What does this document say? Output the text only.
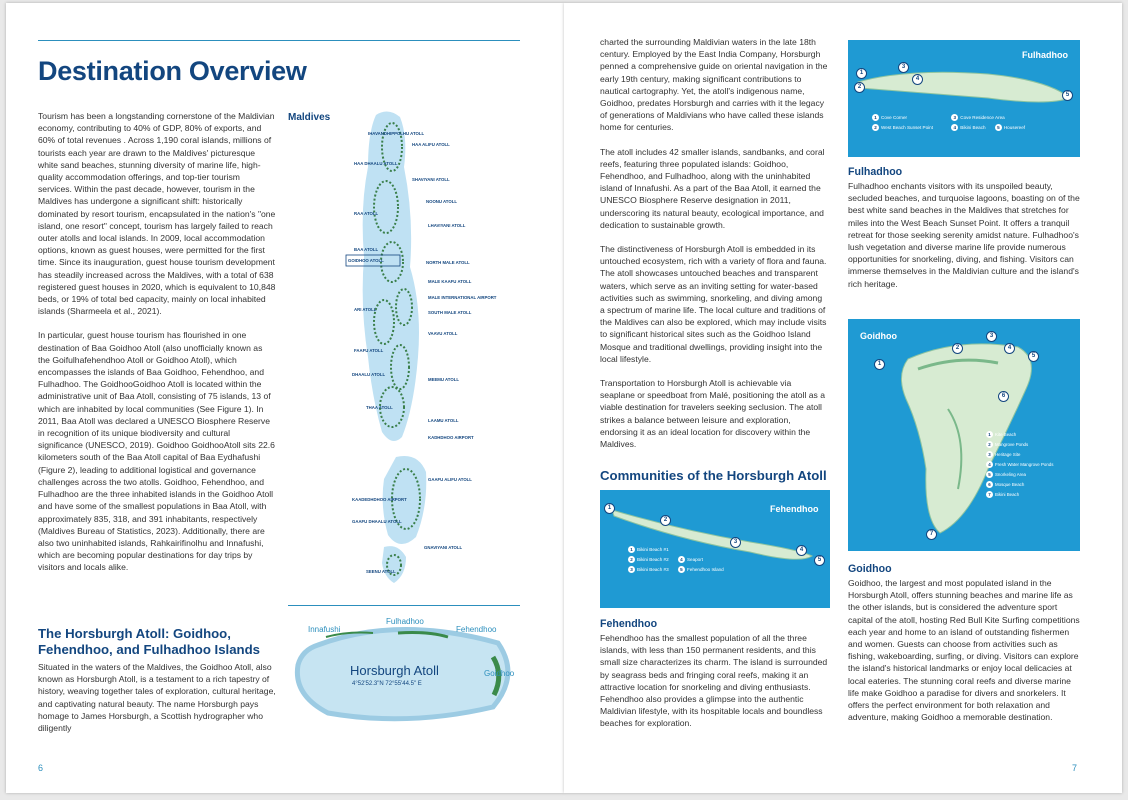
Destination Overview

Tourism has been a longstanding cornerstone of the Maldivian economy, contributing to 40% of GDP, 80% of exports, and 60% of total revenues . Across 1,190 coral islands, millions of tourists each year are drawn to the Maldives' picturesque white sand beaches, stunning diversity of marine life, high-quality accommodation offerings, and top-tier tourism services. Within the past decade, however, tourism in the Maldives has undergone a significant shift: historically dominated by resort tourism, encapsulated in the nation's "one island, one resort" concept, tourism has largely failed to reach outer atolls and local islands. In 2009, local accommodation options, known as guest houses, were permitted for the first time. Since its inauguration, guest house tourism development has steadily increased across the Maldives, with a total of 638 registered guest houses in 2020, which is equivalent to 10,848 beds, or 19% of total bed capacity, mainly on local inhabited islands (Sharmeela et al., 2021).

In particular, guest house tourism has flourished in one destination of Baa Goidhoo Atoll (also unofficially known as the Goifulhafehendhoo Atoll or Goidhoo Atoll), which encompasses the islands of Baa Goidhoo, Fehendhoo, and Fulhadhoo. The GoidhooGoidhoo Atoll is located within the administrative unit of Baa Atoll, consisting of 75 islands, 13 of which are inhabited by local communities (See Figure 1). In 2011, Baa Atoll was declared a UNESCO Biosphere Reserve in recognition of its unique biodiversity and cultural significance (UNESCO, 2019). Goidhoo GoidhooAtoll sits 22.6 kilometers south of the Baa Atoll capital of Baa Eydhafushi (Figure 2), leading to additional logistical and governance challenges across the two atolls. Goidhoo, Fehendhoo, and Fulhadhoo are the three inhabited islands in the Goidhoo Atoll and have some of the smallest populations in Baa Atoll, with approximately 835, 318, and 391 inhabitants, respectively (Maldives Bureau of Statistics, 2023). Additionally, there are also two uninhabited islands, Rahkairifinolhu and Innafushi, which are becoming popular destinations for day trips by visitors and locals alike.

The Horsburgh Atoll: Goidhoo, Fehendhoo, and Fulhadhoo Islands
Situated in the waters of the Maldives, the Goidhoo Atoll, also known as Horsburgh Atoll, is a testament to a rich tapestry of history, weaving together tales of exploration, cultural heritage, and captivating natural beauty. The name Horsburgh pays homage to James Horsburgh, a Scottish hydrographer who diligently
Maldives
IHAVANDHIPPOLHU ATOLL
HAA ALIFU ATOLL
HAA DHAALU ATOLL
SHAVIYANI ATOLL
NOONU ATOLL
RAA ATOLL
LHAVIYANI ATOLL
BAA ATOLL
GOIDHOO ATOLL	NORTH MALE ATOLL
MALE KAAFU ATOLL
MALE INTERNATIONAL AIRPORT
SOUTH MALE ATOLL
ARI ATOLL
VAAVU ATOLL
FAAFU ATOLL
DHAALU ATOLL
MEEMU ATOLL
THAA ATOLL
LAAMU ATOLL
KADHDHOO AIRPORT
GAAFU ALIFU ATOLL
KAADEDHDHOO AIRPORT
GAAFU DHAALU ATOLL
GNAVIYANI ATOLL
SEENU ATOLL
Innafushi
Fulhadhoo
Fehendhoo
Goidhoo
Horsburgh Atoll
4°52'52.3"N 72°55'44.5" E
6

charted the surrounding Maldivian waters in the late 18th century. Employed by the East India Company, Horsburgh penned a comprehensive guide on oriental navigation in the early 19th century, making significant contributions to nautical cartography. Yet, the atoll's indigenous name, Goidhoo, predates Horsburgh and carries with it the legacy of generations of Maldivians who have called these islands home for centuries.

The atoll includes 42 smaller islands, sandbanks, and coral reefs, featuring three populated islands: Goidhoo, Fehendhoo, and Fulhadhoo, along with the uninhabited island of Innafushi. As a part of the Baa Atoll, it earned the UNESCO Biosphere Reserve designation in 2011, underscoring its natural beauty, ecological importance, and dedication to sustainable growth.

The distinctiveness of Horsburgh Atoll is embedded in its untouched ecosystem, rich with a variety of flora and fauna. The atoll showcases untouched beaches and transparent waters, which serve as an inviting setting for water-based activities such as swimming, snorkeling, and diving among a spectrum of marine life. The local culture and traditions of the Maldives can also be explored, which may include visits to significant historical sites such as the Goidhoo Island Mosque and traditional dwellings, providing insight into the local lifestyle.

Transportation to Horsburgh Atoll is achievable via seaplane or speedboat from Malé, positioning the atoll as a viable destination for travelers seeking seclusion. The atoll strikes a balance between leisure and exploration, endorsing it as an ideal location for discovery within the Maldives.

Communities of the Horsburgh Atoll
Fehendhoo
1
2
3
4
5
1 Bikini Beach #1
2 Bikini Beach #2	4 Seaport
3 Bikini Beach #3	5 Fehendhoo Island
Fehendhoo
Fehendhoo has the smallest population of all the three islands, with less than 150 permanent residents, and this small size characterizes its charm. The island is surrounded by seagrass beds and fringing coral reefs, making it an attractive location for snorkeling and diving enthusiasts. Fehendhoo also provides a glimpse into the authentic Maldivian lifestyle, with its hospitable locals and boundless beaches for exploration.
Fulhadhoo
1
2
3
4
5
1 Cove Corner	3 Cove Residence Area
2 West Beach Sunset Point	4 Bikini Beach	5 Housereef
Fulhadhoo
Fulhadhoo enchants visitors with its unspoiled beauty, secluded beaches, and turquoise lagoons, boasting on of the best white sand beaches in the Maldives that stretches for miles into the West Beach Sunset Point. It offers a tranquil retreat for those seeking serenity amidst nature. Fulhadhoo's lush vegetation and diverse marine life provide numerous opportunities for snorkeling, diving, and fishing. Visitors can immerse themselves in the Maldivian culture and the island's rich heritage.
Goidhoo
1
2
3
4
5
6
7
1 Kite Beach
2 Mangrove Ponds
3 Heritage Site
4 Fresh Water Mangrove Ponds
5 Snorkeling Area
6 Mosque Beach
7 Bikini Beach
Goidhoo
Goidhoo, the largest and most populated island in the Horsburgh Atoll, offers stunning beaches and marine life as the other islands, but is considered the adventure sport capital of the atoll, hosting Red Bull Kite Surfing competitions each year and home to an island of outstanding fishermen and women. Guests can choose from activities such as fishing, wakeboarding, surfing, or diving. Visitors can explore the island's historical landmarks or enjoy local delicacies at local eateries. The stunning coral reefs and diverse marine life make Goidhoo a paradise for divers and snorkelers. It offers the perfect environment for both relaxation and adventure, making Goidhoo a memorable destination.
7
